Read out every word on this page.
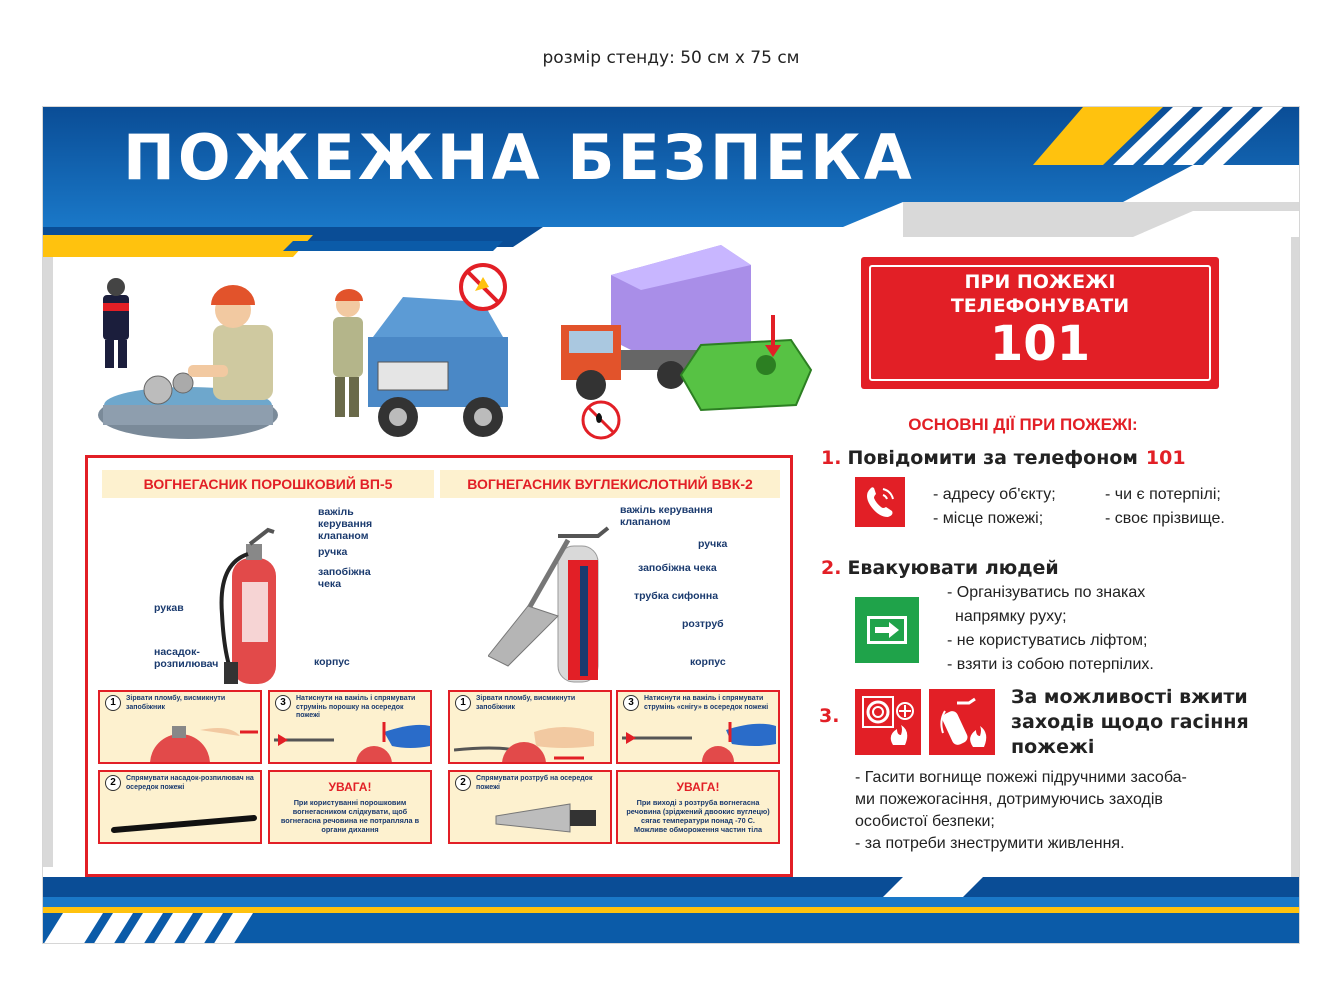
розмір стенду: 50 см х 75 см
ПОЖЕЖНА БЕЗПЕКА
ПРИ ПОЖЕЖІ
ТЕЛЕФОНУВАТИ
101
ОСНОВНІ ДІЇ ПРИ ПОЖЕЖІ:
1. Повідомити за телефоном 101
- адресу об'єкту;
- місце пожежі;
- чи є потерпілі;
- своє прізвище.
2. Евакуювати людей
- Організуватись по знаках
напрямку руху;
- не користуватись ліфтом;
- взяти із собою потерпілих.
3.
За можливості вжити заходів щодо гасіння пожежі
- Гасити вогнище пожежі підручними засоба-
ми пожежогасіння, дотримуючись заходів
особистої безпеки;
- за потреби знеструмити живлення.
ВОГНЕГАСНИК ПОРОШКОВИЙ ВП-5	ВОГНЕГАСНИК ВУГЛЕКИСЛОТНИЙ ВВК-2
важіль керування клапаном
ручка
запобіжна чека
рукав
насадок-розпилювач	корпус
важіль керування клапаном
ручка
запобіжна чека
трубка сифонна
розтруб
корпус
1	Зірвати пломбу, висмикнути запобіжник	3	Натиснути на важіль і спрямувати струмінь порошку на осередок пожежі
2	Спрямувати насадок-розпилювач на осередок пожежі	УВАГА!
При користуванні порошковим вогнегасником слідкувати, щоб вогнегасна речовина не потрапляла в органи дихання
1	Зірвати пломбу, висмикнути запобіжник	3	Натиснути на важіль і спрямувати струмінь «снігу» в осередок пожежі
2	Спрямувати розтруб на осередок пожежі	УВАГА!
При виході з розтруба вогнегасна речовина (зріджений двоокис вуглецю) сягає температури понад -70 С. Можливе обмороження частин тіла
